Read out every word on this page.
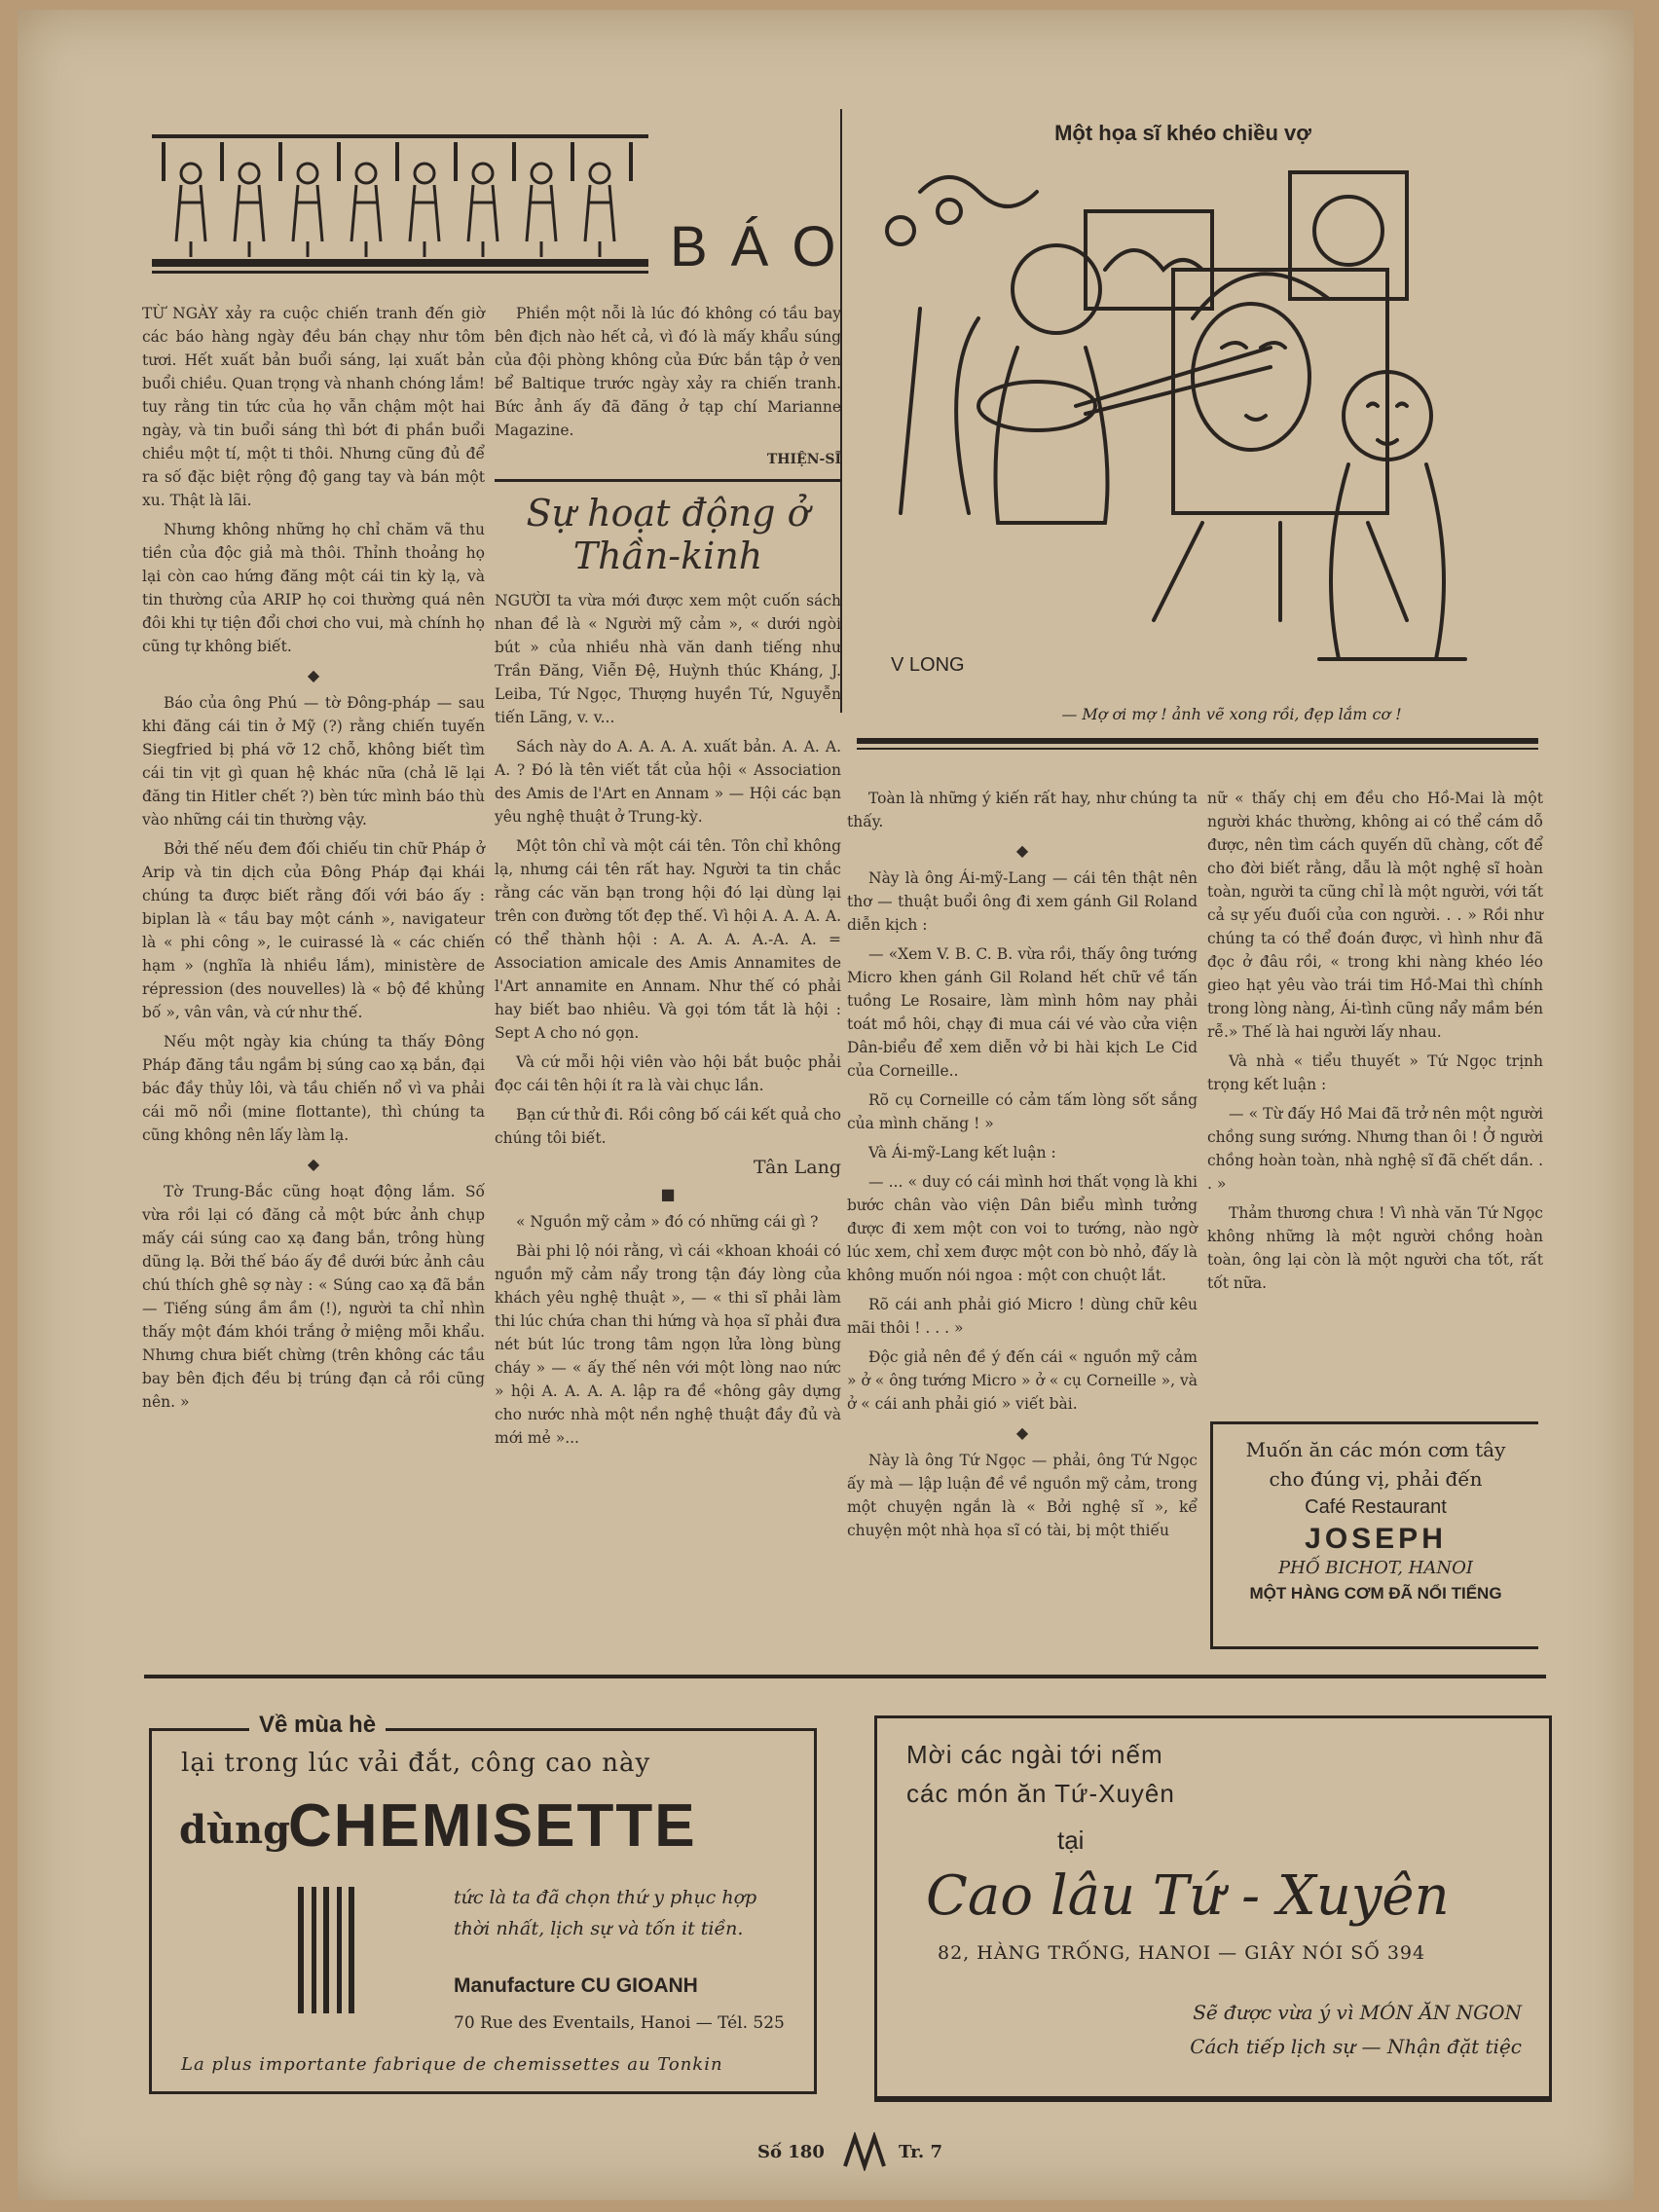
BÁO

TỪ NGÀY xảy ra cuộc chiến tranh đến giờ các báo hàng ngày đều bán chạy như tôm tươi. Hết xuất bản buổi sáng, lại xuất bản buổi chiều. Quan trọng và nhanh chóng lắm! tuy rằng tin tức của họ vẫn chậm một hai ngày, và tin buổi sáng thì bớt đi phần buổi chiều một tí, một ti thôi. Nhưng cũng đủ để ra số đặc biệt rộng độ gang tay và bán một xu. Thật là lãi.

Nhưng không những họ chỉ chăm vã thu tiền của độc giả mà thôi. Thỉnh thoảng họ lại còn cao hứng đăng một cái tin kỳ lạ, và tin thường của ARIP họ coi thường quá nên đôi khi tự tiện đổi chơi cho vui, mà chính họ cũng tự không biết.

◆

Báo của ông Phú — tờ Đông-pháp — sau khi đăng cái tin ở Mỹ (?) rằng chiến tuyến Siegfried bị phá vỡ 12 chỗ, không biết tìm cái tin vịt gì quan hệ khác nữa (chả lẽ lại đăng tin Hitler chết ?) bèn tức mình báo thù vào những cái tin thường vậy.

Bởi thế nếu đem đối chiếu tin chữ Pháp ở Arip và tin dịch của Đông Pháp đại khái chúng ta được biết rằng đối với báo ấy : biplan là « tầu bay một cánh », navigateur là « phi công », le cuirassé là « các chiến hạm » (nghĩa là nhiều lắm), ministère de répression (des nouvelles) là « bộ đề khủng bố », vân vân, và cứ như thế.

Nếu một ngày kia chúng ta thấy Đông Pháp đăng tầu ngầm bị súng cao xạ bắn, đại bác đầy thủy lôi, và tầu chiến nổ vì va phải cái mõ nổi (mine flottante), thì chúng ta cũng không nên lấy làm lạ.

◆

Tờ Trung-Bắc cũng hoạt động lắm. Số vừa rồi lại có đăng cả một bức ảnh chụp mấy cái súng cao xạ đang bắn, trông hùng dũng lạ. Bởi thế báo ấy đề dưới bức ảnh câu chú thích ghê sợ này : « Súng cao xạ đã bắn — Tiếng súng ầm ầm (!), người ta chỉ nhìn thấy một đám khói trắng ở miệng mỗi khẩu. Nhưng chưa biết chừng (trên không các tầu bay bên địch đều bị trúng đạn cả rồi cũng nên. »

Phiền một nỗi là lúc đó không có tầu bay bên địch nào hết cả, vì đó là mấy khẩu súng của đội phòng không của Đức bắn tập ở ven bể Baltique trước ngày xảy ra chiến tranh. Bức ảnh ấy đã đăng ở tạp chí Marianne Magazine.

THIỆN-SĨ
Sự hoạt động ở Thần-kinh

NGƯỜI ta vừa mới được xem một cuốn sách nhan đề là « Người mỹ cảm », « dưới ngòi bút » của nhiều nhà văn danh tiếng như Trần Đăng, Viễn Đệ, Huỳnh thúc Kháng, J. Leiba, Tứ Ngọc, Thượng huyền Tứ, Nguyễn tiến Lãng, v. v...

Sách này do A. A. A. A. xuất bản. A. A. A. A. ? Đó là tên viết tắt của hội « Association des Amis de l'Art en Annam » — Hội các bạn yêu nghệ thuật ở Trung-kỳ.

Một tôn chỉ và một cái tên. Tôn chỉ không lạ, nhưng cái tên rất hay. Người ta tin chắc rằng các văn bạn trong hội đó lại dùng lại trên con đường tốt đẹp thế. Vì hội A. A. A. A. có thể thành hội : A. A. A. A.-A. A. = Association amicale des Amis Annamites de l'Art annamite en Annam. Như thế có phải hay biết bao nhiêu. Và gọi tóm tắt là hội : Sept A cho nó gọn.

Và cứ mỗi hội viên vào hội bắt buộc phải đọc cái tên hội ít ra là vài chục lần.

Bạn cứ thử đi. Rồi công bố cái kết quả cho chúng tôi biết.

Tân Lang
■

« Nguồn mỹ cảm » đó có những cái gì ?

Bài phi lộ nói rằng, vì cái «khoan khoái có nguồn mỹ cảm nẩy trong tận đáy lòng của khách yêu nghệ thuật », — « thi sĩ phải làm thi lúc chứa chan thi hứng và họa sĩ phải đưa nét bút lúc trong tâm ngọn lửa lòng bùng cháy » — « ấy thế nên với một lòng nao nức » hội A. A. A. A. lập ra đề «hông gây dựng cho nước nhà một nền nghệ thuật đầy đủ và mới mẻ »...

Một họa sĩ khéo chiều vợ
V LONG
— Mợ ơi mợ ! ảnh vẽ xong rồi, đẹp lắm cơ !

Toàn là những ý kiến rất hay, như chúng ta thấy.

◆

Này là ông Ái-mỹ-Lang — cái tên thật nên thơ — thuật buổi ông đi xem gánh Gil Roland diễn kịch :

— «Xem V. B. C. B. vừa rồi, thấy ông tướng Micro khen gánh Gil Roland hết chữ về tấn tuồng Le Rosaire, làm mình hôm nay phải toát mồ hôi, chạy đi mua cái vé vào cửa viện Dân-biểu để xem diễn vở bi hài kịch Le Cid của Corneille..

Rõ cụ Corneille có cảm tấm lòng sốt sắng của mình chăng ! »

Và Ái-mỹ-Lang kết luận :

— ... « duy có cái mình hơi thất vọng là khi bước chân vào viện Dân biểu mình tưởng được đi xem một con voi to tướng, nào ngờ lúc xem, chỉ xem được một con bò nhỏ, đấy là không muốn nói ngoa : một con chuột lắt.

Rõ cái anh phải gió Micro ! dùng chữ kêu mãi thôi ! . . . »

Độc giả nên đề ý đến cái « nguồn mỹ cảm » ở « ông tướng Micro » ở « cụ Corneille », và ở « cái anh phải gió » viết bài.

◆

Này là ông Tứ Ngọc — phải, ông Tứ Ngọc ấy mà — lập luận đề về nguồn mỹ cảm, trong một chuyện ngắn là « Bởi nghệ sĩ », kể chuyện một nhà họa sĩ có tài, bị một thiếu

nữ « thấy chị em đều cho Hồ-Mai là một người khác thường, không ai có thể cám dỗ được, nên tìm cách quyến dũ chàng, cốt để cho đời biết rằng, dẫu là một nghệ sĩ hoàn toàn, người ta cũng chỉ là một người, với tất cả sự yếu đuối của con người. . . » Rồi như chúng ta có thể đoán được, vì hình như đã đọc ở đâu rồi, « trong khi nàng khéo léo gieo hạt yêu vào trái tim Hồ-Mai thì chính trong lòng nàng, Ái-tình cũng nẩy mầm bén rễ.» Thế là hai người lấy nhau.

Và nhà « tiểu thuyết » Tứ Ngọc trịnh trọng kết luận :

— « Từ đấy Hồ Mai đã trở nên một người chồng sung sướng. Nhưng than ôi ! Ở người chồng hoàn toàn, nhà nghệ sĩ đã chết dần. . . »

Thảm thương chưa ! Vì nhà văn Tứ Ngọc không những là một người chồng hoàn toàn, ông lại còn là một người cha tốt, rất tốt nữa.

Muốn ăn các món cơm tây
cho đúng vị, phải đến
Café Restaurant
JOSEPH
PHỐ BICHOT, HANOI
MỘT HÀNG CƠM ĐÃ NỔI TIẾNG
Về mùa hè
lại trong lúc vải đắt, công cao này
dùng
CHEMISETTE
tức là ta đã chọn thứ y phục hợp
thời nhất, lịch sự và tốn it tiền.
Manufacture CU GIOANH
70 Rue des Eventails, Hanoi — Tél. 525
La plus importante fabrique de chemissettes au Tonkin
Mời các ngài tới nếm
các món ăn Tứ-Xuyên
tại
Cao lâu Tứ - Xuyên
82, HÀNG TRỐNG, HANOI — GIÂY NÓI SỐ 394
Sẽ được vừa ý vì MÓN ĂN NGON
Cách tiếp lịch sự — Nhận đặt tiệc
Số 180	Tr. 7
